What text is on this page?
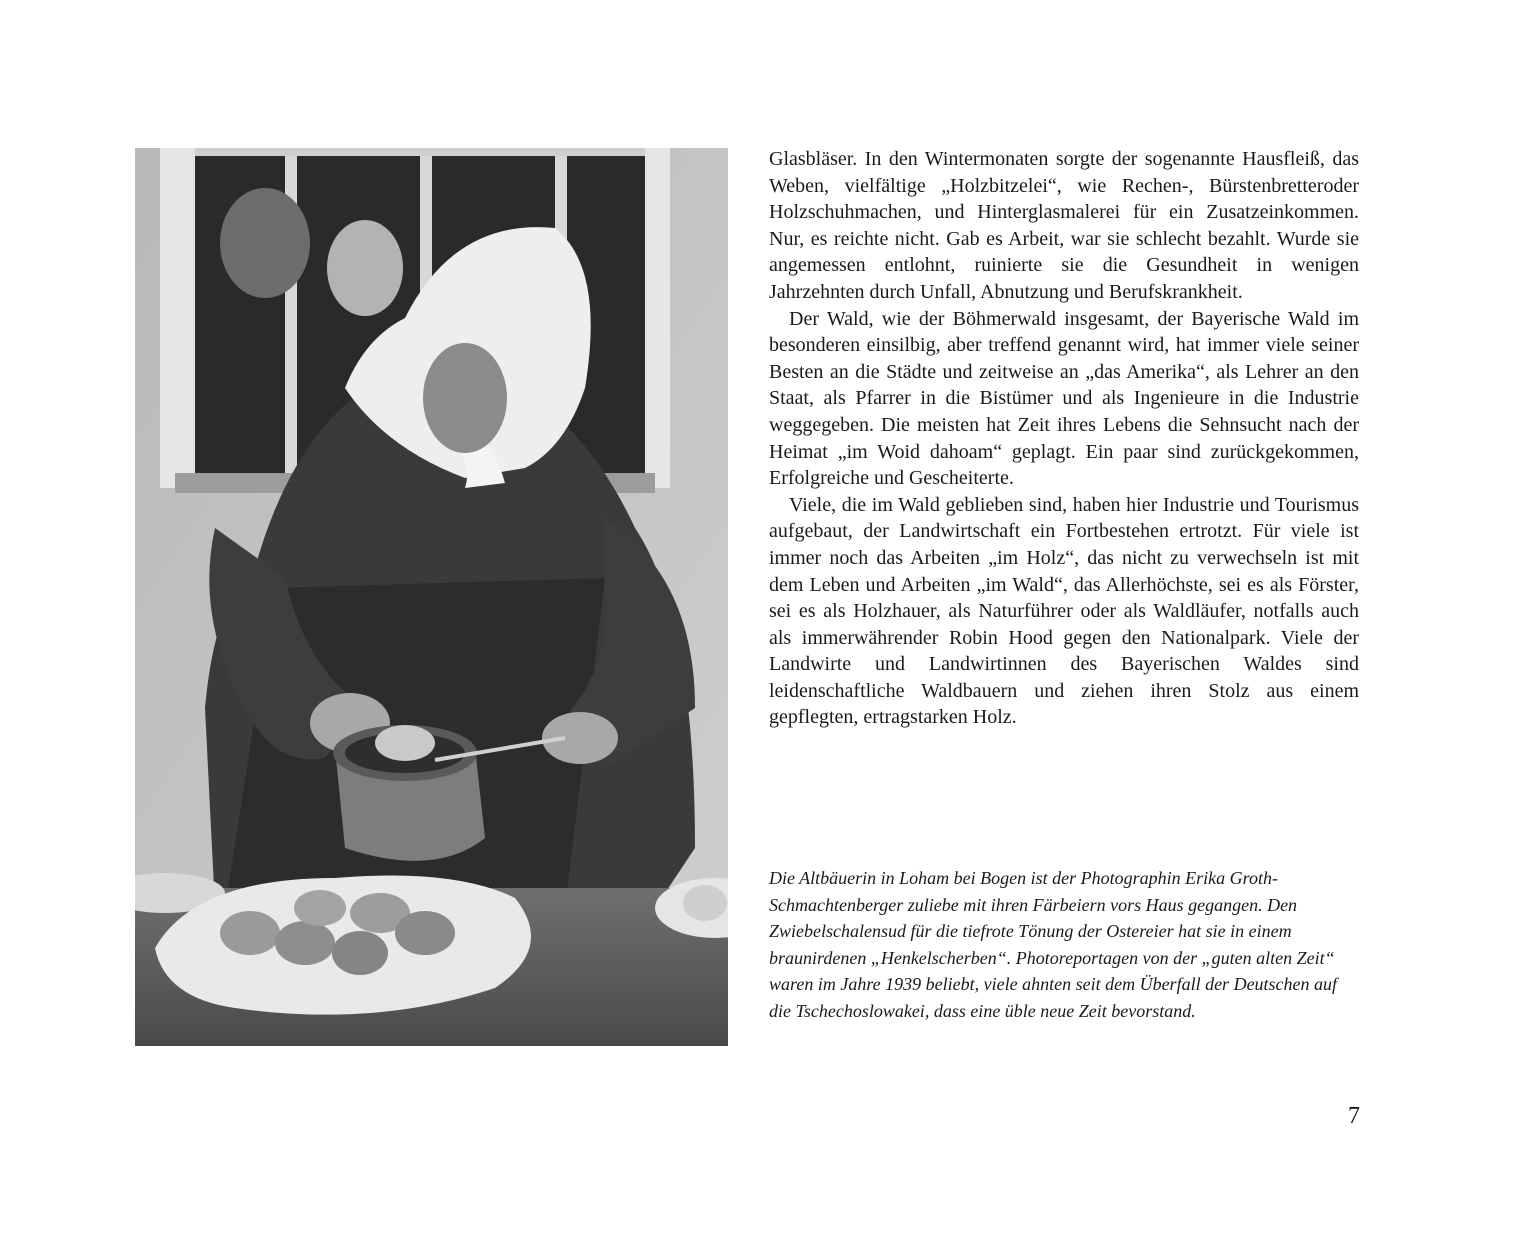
Glasbläser. In den Wintermonaten sorgte der sogenannte Hausfleiß, das Weben, vielfältige „Holzbitzelei“, wie Rechen-, Bürstenbretteroder Holzschuhmachen, und Hinterglasmalerei für ein Zusatzeinkommen. Nur, es reichte nicht. Gab es Arbeit, war sie schlecht bezahlt. Wurde sie angemessen entlohnt, ruinierte sie die Gesundheit in wenigen Jahrzehnten durch Unfall, Abnutzung und Berufskrankheit.

Der Wald, wie der Böhmerwald insgesamt, der Bayerische Wald im besonderen einsilbig, aber treffend genannt wird, hat immer viele seiner Besten an die Städte und zeitweise an „das Amerika“, als Lehrer an den Staat, als Pfarrer in die Bistümer und als Ingenieure in die Industrie weggegeben. Die meisten hat Zeit ihres Lebens die Sehnsucht nach der Heimat „im Woid dahoam“ geplagt. Ein paar sind zurückgekommen, Erfolgreiche und Gescheiterte.

Viele, die im Wald geblieben sind, haben hier Industrie und Tourismus aufgebaut, der Landwirtschaft ein Fortbestehen ertrotzt. Für viele ist immer noch das Arbeiten „im Holz“, das nicht zu verwechseln ist mit dem Leben und Arbeiten „im Wald“, das Allerhöchste, sei es als Förster, sei es als Holzhauer, als Naturführer oder als Waldläufer, notfalls auch als immerwährender Robin Hood gegen den Nationalpark. Viele der Landwirte und Landwirtinnen des Bayerischen Waldes sind leidenschaftliche Waldbauern und ziehen ihren Stolz aus einem gepflegten, ertragstarken Holz.

Die Altbäuerin in Loham bei Bogen ist der Photographin Erika Groth-Schmachtenberger zuliebe mit ihren Färbeiern vors Haus gegangen. Den Zwiebelschalensud für die tiefrote Tönung der Ostereier hat sie in einem braunirdenen „Henkelscherben“. Photoreportagen von der „guten alten Zeit“ waren im Jahre 1939 beliebt, viele ahnten seit dem Überfall der Deutschen auf die Tschechoslowakei, dass eine üble neue Zeit bevorstand.

7
